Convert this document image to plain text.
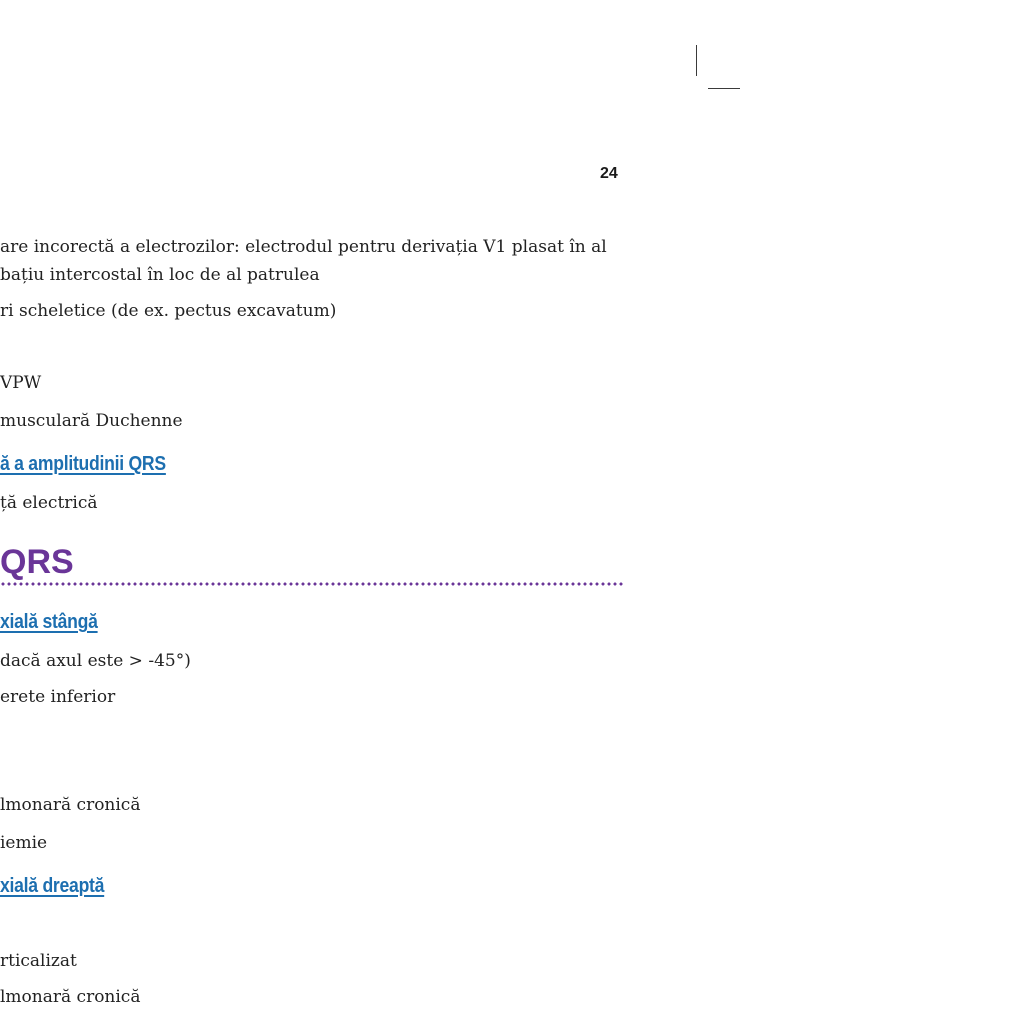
24
are incorectă a electrozilor: electrodul pentru derivația V1 plasat în al
bațiu intercostal în loc de al patrulea
ri scheletice (de ex. pectus excavatum)
VPW
musculară Duchenne
ă a amplitudinii QRS
ță electrică
QRS
xială stângă
dacă axul este > -45°)
erete inferior
lmonară cronică
iemie
xială dreaptă
rticalizat
lmonară cronică
